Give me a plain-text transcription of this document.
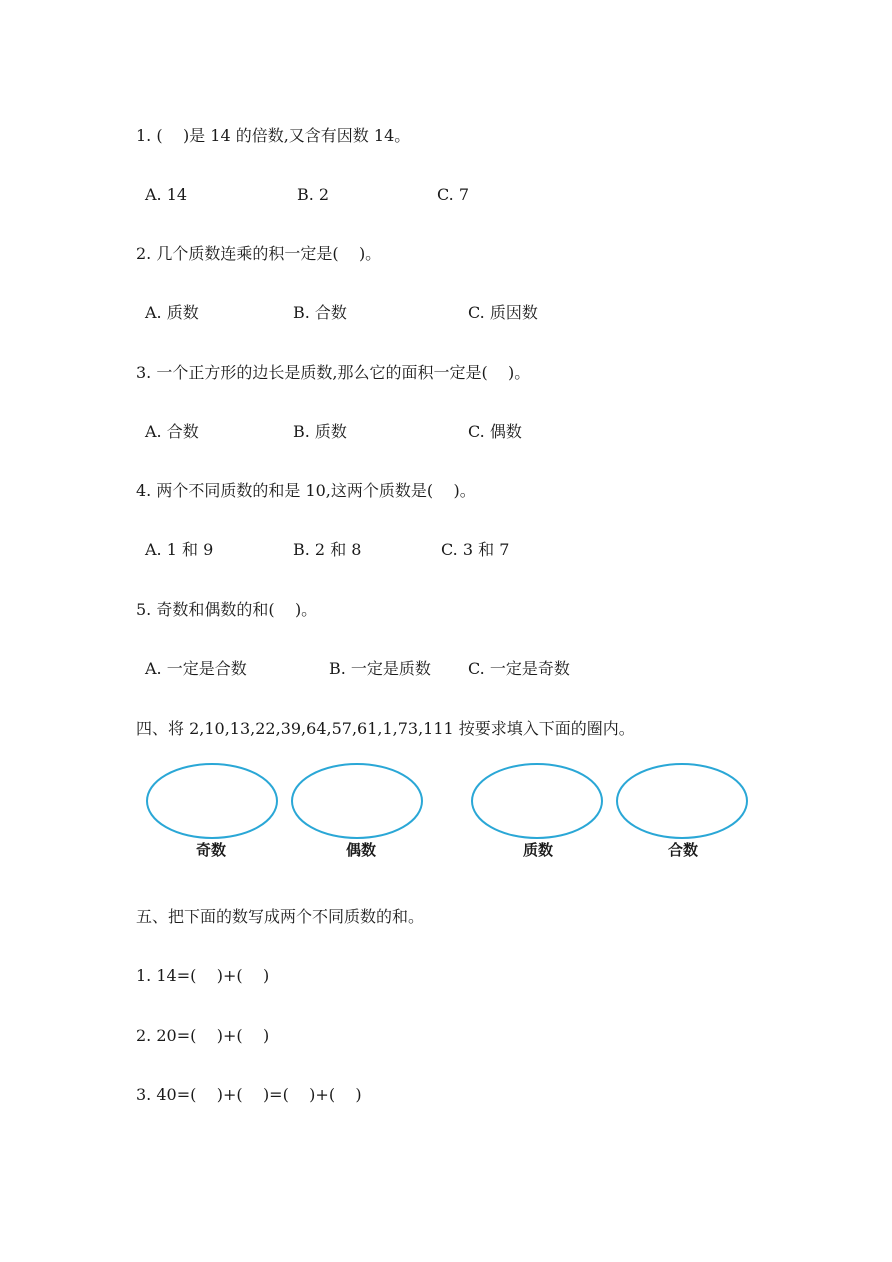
1. (    )是 14 的倍数,又含有因数 14。
A. 14	B. 2	C. 7
2. 几个质数连乘的积一定是(    )。
A. 质数	B. 合数	C. 质因数
3. 一个正方形的边长是质数,那么它的面积一定是(    )。
A. 合数	B. 质数	C. 偶数
4. 两个不同质数的和是 10,这两个质数是(    )。
A. 1 和 9	B. 2 和 8	C. 3 和 7
5. 奇数和偶数的和(    )。
A. 一定是合数	B. 一定是质数 C. 一定是奇数
四、将 2,10,13,22,39,64,57,61,1,73,111 按要求填入下面的圈内。
奇数	偶数	质数	合数
五、把下面的数写成两个不同质数的和。
1. 14=(    )+(    )
2. 20=(    )+(    )
3. 40=(    )+(    )=(    )+(    )
